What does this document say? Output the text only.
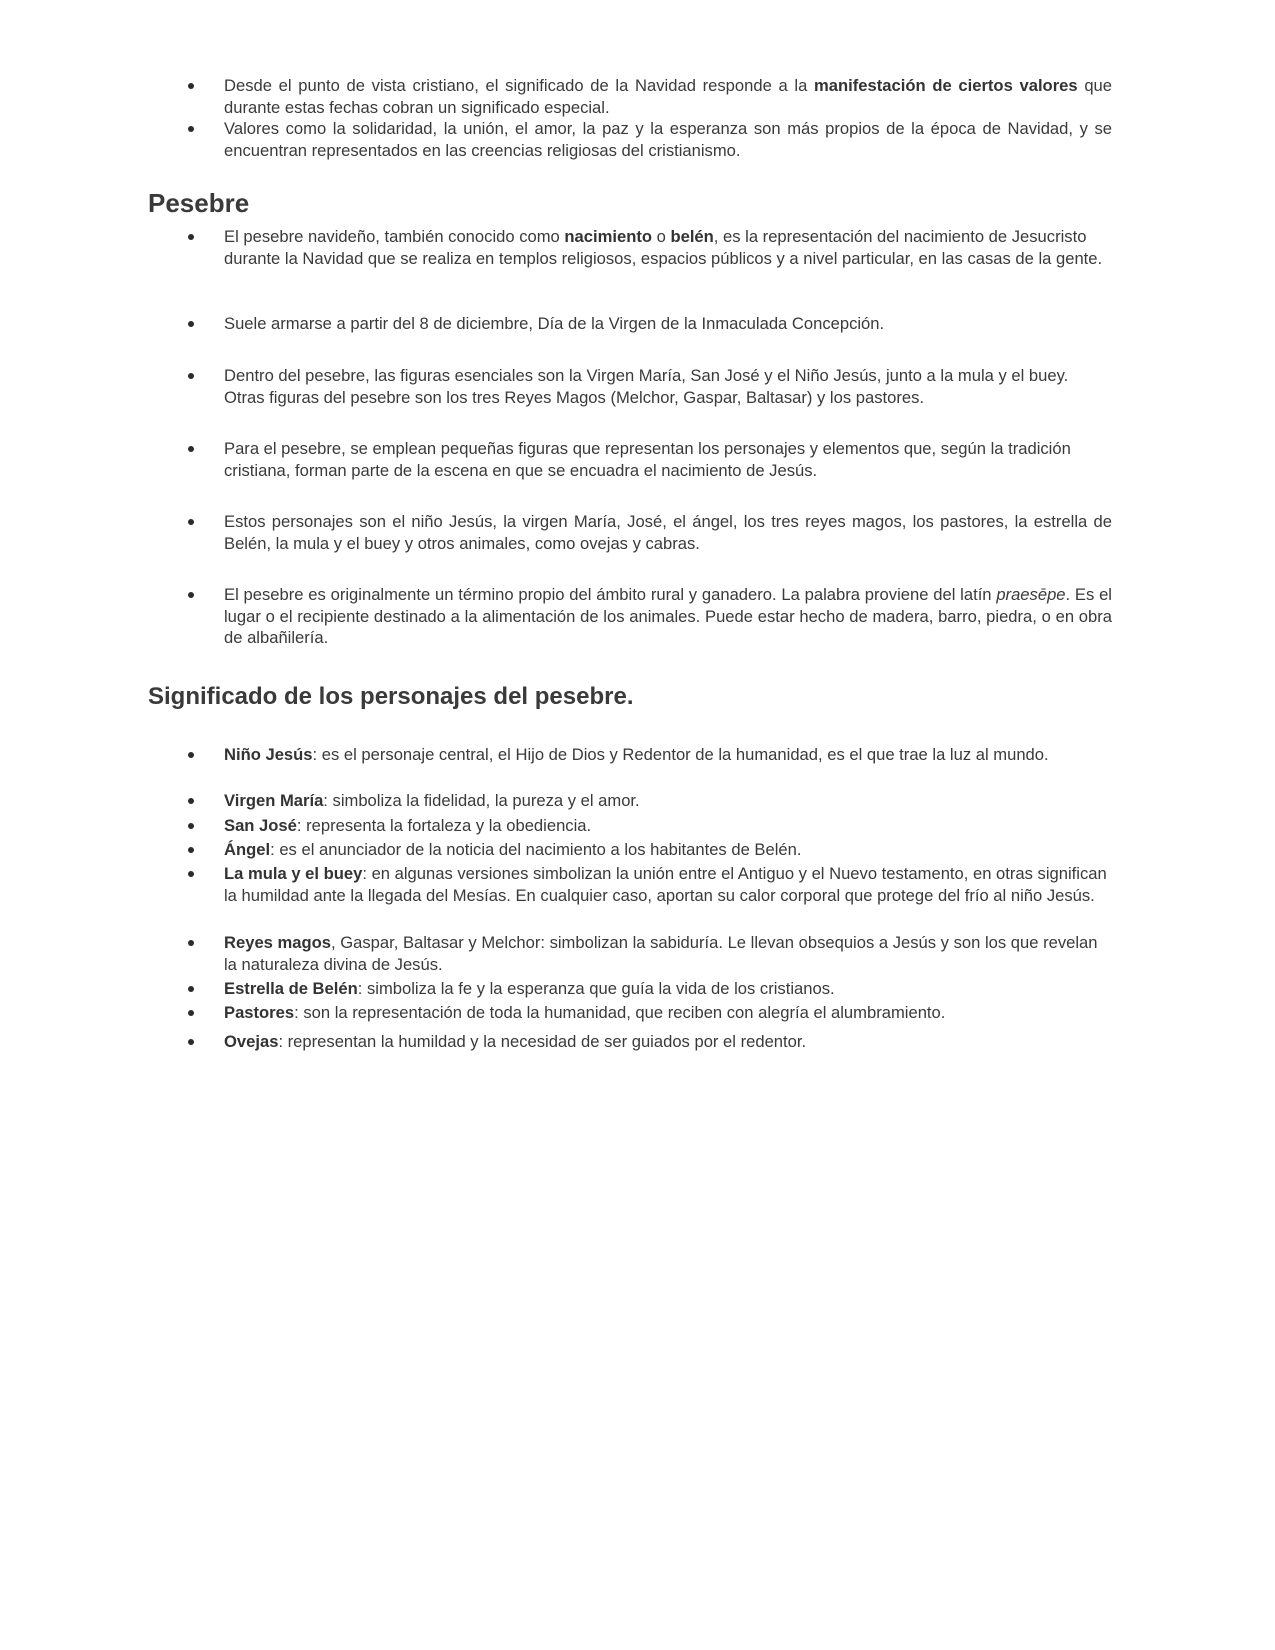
Desde el punto de vista cristiano, el significado de la Navidad responde a la manifestación de ciertos valores que durante estas fechas cobran un significado especial.
Valores como la solidaridad, la unión, el amor, la paz y la esperanza son más propios de la época de Navidad, y se encuentran representados en las creencias religiosas del cristianismo.
Pesebre
El pesebre navideño, también conocido como nacimiento o belén, es la representación del nacimiento de Jesucristo durante la Navidad que se realiza en templos religiosos, espacios públicos y a nivel particular, en las casas de la gente.
Suele armarse a partir del 8 de diciembre, Día de la Virgen de la Inmaculada Concepción.
Dentro del pesebre, las figuras esenciales son la Virgen María, San José y el Niño Jesús, junto a la mula y el buey. Otras figuras del pesebre son los tres Reyes Magos (Melchor, Gaspar, Baltasar) y los pastores.
Para el pesebre, se emplean pequeñas figuras que representan los personajes y elementos que, según la tradición cristiana, forman parte de la escena en que se encuadra el nacimiento de Jesús.
Estos personajes son el niño Jesús, la virgen María, José, el ángel, los tres reyes magos, los pastores, la estrella de Belén, la mula y el buey y otros animales, como ovejas y cabras.
El pesebre es originalmente un término propio del ámbito rural y ganadero. La palabra proviene del latín praesēpe. Es el lugar o el recipiente destinado a la alimentación de los animales. Puede estar hecho de madera, barro, piedra, o en obra de albañilería.
Significado de los personajes del pesebre.
Niño Jesús: es el personaje central, el Hijo de Dios y Redentor de la humanidad, es el que trae la luz al mundo.
Virgen María: simboliza la fidelidad, la pureza y el amor.
San José: representa la fortaleza y la obediencia.
Ángel: es el anunciador de la noticia del nacimiento a los habitantes de Belén.
La mula y el buey: en algunas versiones simbolizan la unión entre el Antiguo y el Nuevo testamento, en otras significan la humildad ante la llegada del Mesías. En cualquier caso, aportan su calor corporal que protege del frío al niño Jesús.
Reyes magos, Gaspar, Baltasar y Melchor: simbolizan la sabiduría. Le llevan obsequios a Jesús y son los que revelan la naturaleza divina de Jesús.
Estrella de Belén: simboliza la fe y la esperanza que guía la vida de los cristianos.
Pastores: son la representación de toda la humanidad, que reciben con alegría el alumbramiento.
Ovejas: representan la humildad y la necesidad de ser guiados por el redentor.
